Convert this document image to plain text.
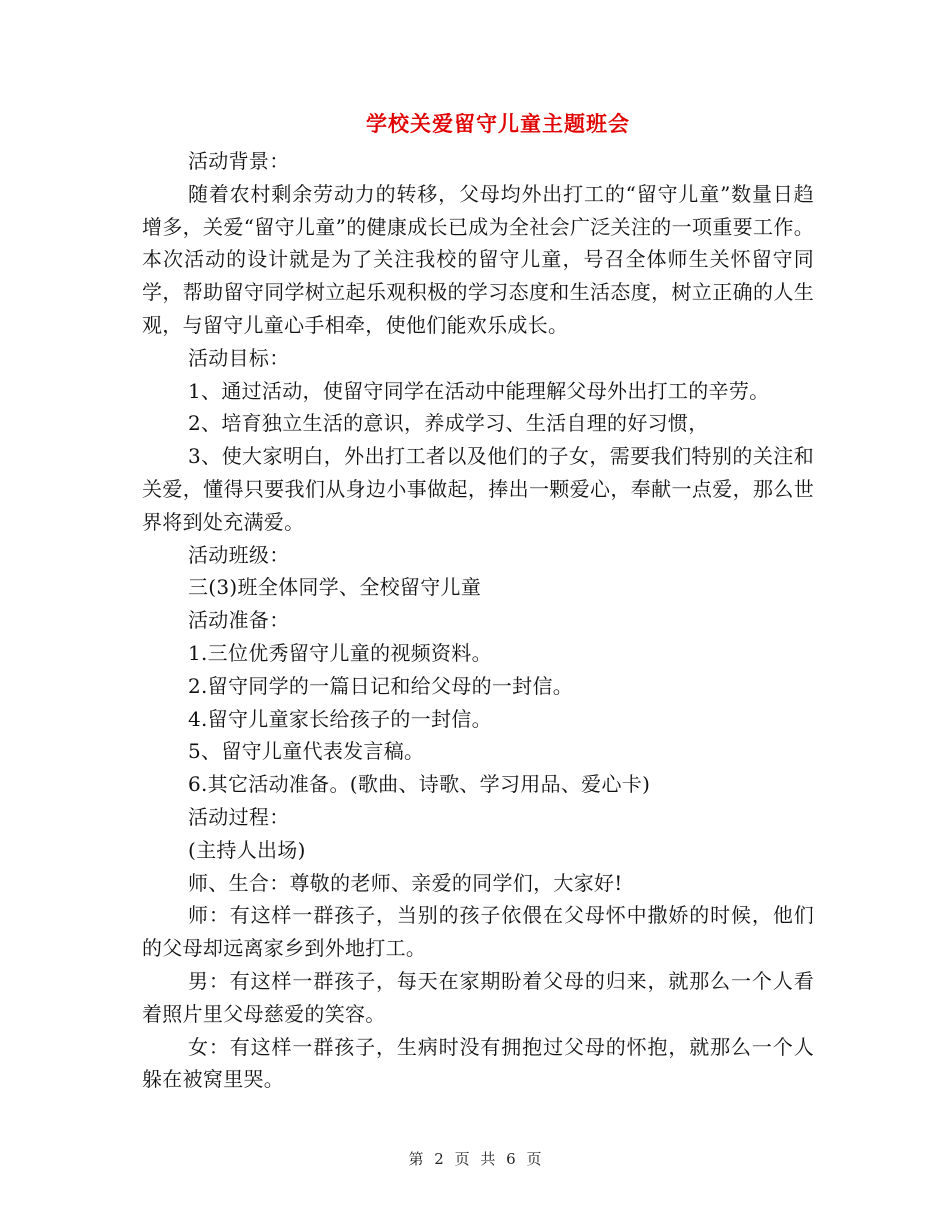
学校关爱留守儿童主题班会

活动背景：

随着农村剩余劳动力的转移，父母均外出打工的“留守儿童”数量日趋增多，关爱“留守儿童”的健康成长已成为全社会广泛关注的一项重要工作。本次活动的设计就是为了关注我校的留守儿童，号召全体师生关怀留守同学，帮助留守同学树立起乐观积极的学习态度和生活态度，树立正确的人生观，与留守儿童心手相牵，使他们能欢乐成长。

活动目标：

1、通过活动，使留守同学在活动中能理解父母外出打工的辛劳。

2、培育独立生活的意识，养成学习、生活自理的好习惯，

3、使大家明白，外出打工者以及他们的子女，需要我们特别的关注和关爱，懂得只要我们从身边小事做起，捧出一颗爱心，奉献一点爱，那么世界将到处充满爱。

活动班级：

三(3)班全体同学、全校留守儿童

活动准备：

1.三位优秀留守儿童的视频资料。

2.留守同学的一篇日记和给父母的一封信。

4.留守儿童家长给孩子的一封信。

5、留守儿童代表发言稿。

6.其它活动准备。(歌曲、诗歌、学习用品、爱心卡)

活动过程：

(主持人出场)

师、生合：尊敬的老师、亲爱的同学们，大家好!

师：有这样一群孩子，当别的孩子依偎在父母怀中撒娇的时候，他们的父母却远离家乡到外地打工。

男：有这样一群孩子，每天在家期盼着父母的归来，就那么一个人看着照片里父母慈爱的笑容。

女：有这样一群孩子，生病时没有拥抱过父母的怀抱，就那么一个人躲在被窝里哭。

第 2 页 共 6 页
